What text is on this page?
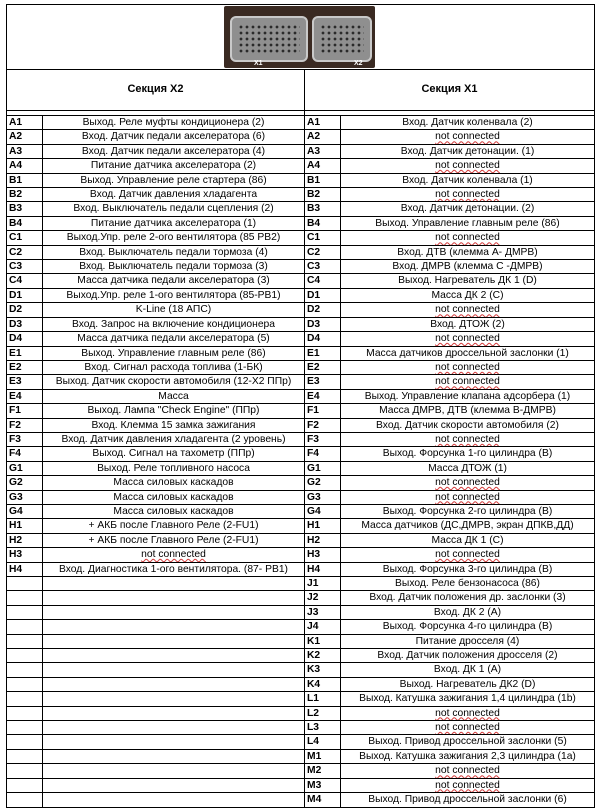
Секция X2		Секция X1	

A1	Выход. Реле муфты кондиционера (2)	A1	Вход. Датчик коленвала (2)
A2	Вход. Датчик педали акселератора (6)	A2	not connected
A3	Вход. Датчик педали акселератора (4)	A3	Вход. Датчик детонации. (1)
A4	Питание датчика акселератора (2)	A4	not connected
B1	Выход. Управление реле стартера (86)	B1	Вход. Датчик коленвала (1)
B2	Вход. Датчик давления хладагента	B2	not connected
B3	Вход. Выключатель педали сцепления (2)	B3	Вход. Датчик детонации. (2)
B4	Питание датчика акселератора (1)	B4	Выход. Управление главным реле (86)
C1	Выход.Упр. реле 2-ого вентилятора (85 РВ2)	C1	not connected
C2	Вход. Выключатель педали тормоза (4)	C2	Вход. ДТВ (клемма А- ДМРВ)
C3	Вход. Выключатель педали тормоза (3)	C3	Вход. ДМРВ (клемма С -ДМРВ)
C4	Масса датчика педали акселератора (3)	C4	Выход. Нагреватель ДК 1 (D)
D1	Выход.Упр. реле 1-ого вентилятора (85-РВ1)	D1	Масса ДК 2 (С)
D2	K-Line (18 АПС)	D2	not connected
D3	Вход. Запрос на включение кондиционера	D3	Вход. ДТОЖ (2)
D4	Масса датчика педали акселератора (5)	D4	not connected
E1	Выход. Управление главным реле (86)	E1	Масса датчиков дроссельной заслонки (1)
E2	Вход. Сигнал расхода топлива (1-БК)	E2	not connected
E3	Выход. Датчик скорости автомобиля (12-Х2 ППр)	E3	not connected
E4	Масса	E4	Выход. Управление клапана адсорбера (1)
F1	Выход. Лампа "Check Engine" (ППр)	F1	Масса ДМРВ, ДТВ (клемма В-ДМРВ)
F2	Вход. Клемма 15 замка зажигания	F2	Вход. Датчик скорости автомобиля (2)
F3	Вход. Датчик давления хладагента (2 уровень)	F3	not connected
F4	Выход. Сигнал на тахометр (ППр)	F4	Выход. Форсунка 1-го цилиндра (В)
G1	Выход. Реле топливного насоса	G1	Масса ДТОЖ (1)
G2	Масса силовых каскадов	G2	not connected
G3	Масса силовых каскадов	G3	not connected
G4	Масса силовых каскадов	G4	Выход. Форсунка 2-го цилиндра (В)
H1	+ АКБ после Главного Реле (2-FU1)	H1	Масса датчиков (ДС,ДМРВ, экран ДПКВ,ДД)
H2	+ АКБ после Главного Реле (2-FU1)	H2	Масса ДК 1 (С)
H3	not connected	H3	not connected
H4	Вход. Диагностика 1-ого вентилятора. (87- РВ1)	H4	Выход. Форсунка 3-го цилиндра (В)
		J1	Выход. Реле бензонасоса (86)
		J2	Вход. Датчик положения др. заслонки (3)
		J3	Вход. ДК 2 (А)
		J4	Выход. Форсунка 4-го цилиндра (В)
		K1	Питание дросселя (4)
		K2	Вход. Датчик положения дросселя (2)
		K3	Вход. ДК 1 (А)
		K4	Выход. Нагреватель ДК2 (D)
		L1	Выход. Катушка зажигания 1,4 цилиндра (1b)
		L2	not connected
		L3	not connected
		L4	Выход. Привод дроссельной заслонки (5)
		M1	Выход. Катушка зажигания 2,3 цилиндра (1a)
		M2	not connected
		M3	not connected
		M4	Выход. Привод дроссельной заслонки (6)
X1	X2
